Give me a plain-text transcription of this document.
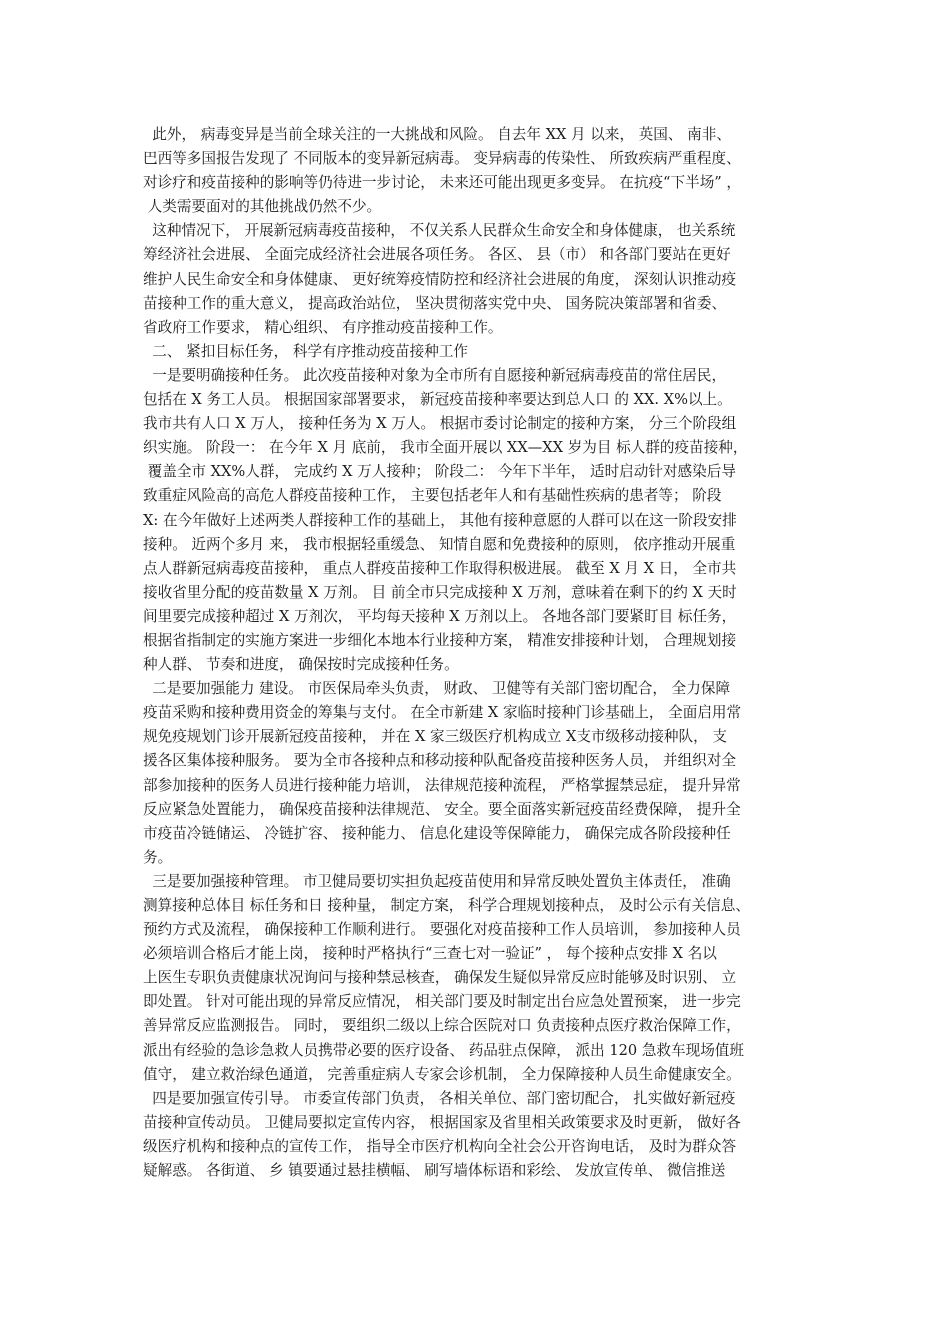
此外， 病毒变异是当前全球关注的一大挑战和风险。 自去年 XX 月 以来， 英国、 南非、
巴西等多国报告发现了 不同版本的变异新冠病毒。 变异病毒的传染性、 所致疾病严重程度、
对诊疗和疫苗接种的影响等仍待进一步讨论， 未来还可能出现更多变异。 在抗疫“下半场” ，
人类需要面对的其他挑战仍然不少。
这种情况下， 开展新冠病毒疫苗接种， 不仅关系人民群众生命安全和身体健康， 也关系统
筹经济社会进展、 全面完成经济社会进展各项任务。 各区、 县（市） 和各部门要站在更好
维护人民生命安全和身体健康、 更好统筹疫情防控和经济社会进展的角度， 深刻认识推动疫
苗接种工作的重大意义， 提高政治站位， 坚决贯彻落实党中央、 国务院决策部署和省委、
省政府工作要求， 精心组织、 有序推动疫苗接种工作。
二、 紧扣目标任务， 科学有序推动疫苗接种工作
一是要明确接种任务。 此次疫苗接种对象为全市所有自愿接种新冠病毒疫苗的常住居民，
包括在 X 务工人员。 根据国家部署要求， 新冠疫苗接种率要达到总人口 的 XX. X%以上。
我市共有人口 X 万人， 接种任务为 X 万人。 根据市委讨论制定的接种方案， 分三个阶段组
织实施。 阶段一： 在今年 X 月 底前， 我市全面开展以 XX—XX 岁为目 标人群的疫苗接种，
覆盖全市 XX%人群， 完成约 X 万人接种； 阶段二： 今年下半年， 适时启动针对感染后导
致重症风险高的高危人群疫苗接种工作， 主要包括老年人和有基础性疾病的患者等； 阶段
X: 在今年做好上述两类人群接种工作的基础上， 其他有接种意愿的人群可以在这一阶段安排
接种。 近两个多月 来， 我市根据轻重缓急、 知情自愿和免费接种的原则， 依序推动开展重
点人群新冠病毒疫苗接种， 重点人群疫苗接种工作取得积极进展。 截至 X 月 X 日， 全市共
接收省里分配的疫苗数量 X 万剂。 目 前全市只完成接种 X 万剂，意味着在剩下的约 X 天时
间里要完成接种超过 X 万剂次， 平均每天接种 X 万剂以上。 各地各部门要紧盯目 标任务，
根据省指制定的实施方案进一步细化本地本行业接种方案， 精准安排接种计划， 合理规划接
种人群、 节奏和进度， 确保按时完成接种任务。
二是要加强能力 建设。 市医保局牵头负责， 财政、 卫健等有关部门密切配合， 全力保障
疫苗采购和接种费用资金的筹集与支付。 在全市新建 X 家临时接种门诊基础上， 全面启用常
规免疫规划门诊开展新冠疫苗接种， 并在 X 家三级医疗机构成立 X支市级移动接种队， 支
援各区集体接种服务。 要为全市各接种点和移动接种队配备疫苗接种医务人员， 并组织对全
部参加接种的医务人员进行接种能力培训， 法律规范接种流程， 严格掌握禁忌症， 提升异常
反应紧急处置能力， 确保疫苗接种法律规范、 安全。要全面落实新冠疫苗经费保障， 提升全
市疫苗冷链储运、 冷链扩容、 接种能力、 信息化建设等保障能力， 确保完成各阶段接种任
务。
三是要加强接种管理。 市卫健局要切实担负起疫苗使用和异常反映处置负主体责任， 准确
测算接种总体目 标任务和日 接种量， 制定方案， 科学合理规划接种点， 及时公示有关信息、
预约方式及流程， 确保接种工作顺利进行。 要强化对疫苗接种工作人员培训， 参加接种人员
必须培训合格后才能上岗， 接种时严格执行“三查七对一验证” ， 每个接种点安排 X 名以
上医生专职负责健康状况询问与接种禁忌核查， 确保发生疑似异常反应时能够及时识别、 立
即处置。 针对可能出现的异常反应情况， 相关部门要及时制定出台应急处置预案， 进一步完
善异常反应监测报告。 同时， 要组织二级以上综合医院对口 负责接种点医疗救治保障工作，
派出有经验的急诊急救人员携带必要的医疗设备、 药品驻点保障， 派出 120 急救车现场值班
值守， 建立救治绿色通道， 完善重症病人专家会诊机制， 全力保障接种人员生命健康安全。
四是要加强宣传引导。 市委宣传部门负责， 各相关单位、部门密切配合， 扎实做好新冠疫
苗接种宣传动员。 卫健局要拟定宣传内容， 根据国家及省里相关政策要求及时更新， 做好各
级医疗机构和接种点的宣传工作， 指导全市医疗机构向全社会公开咨询电话， 及时为群众答
疑解惑。 各街道、 乡 镇要通过悬挂横幅、 刷写墙体标语和彩绘、 发放宣传单、 微信推送
